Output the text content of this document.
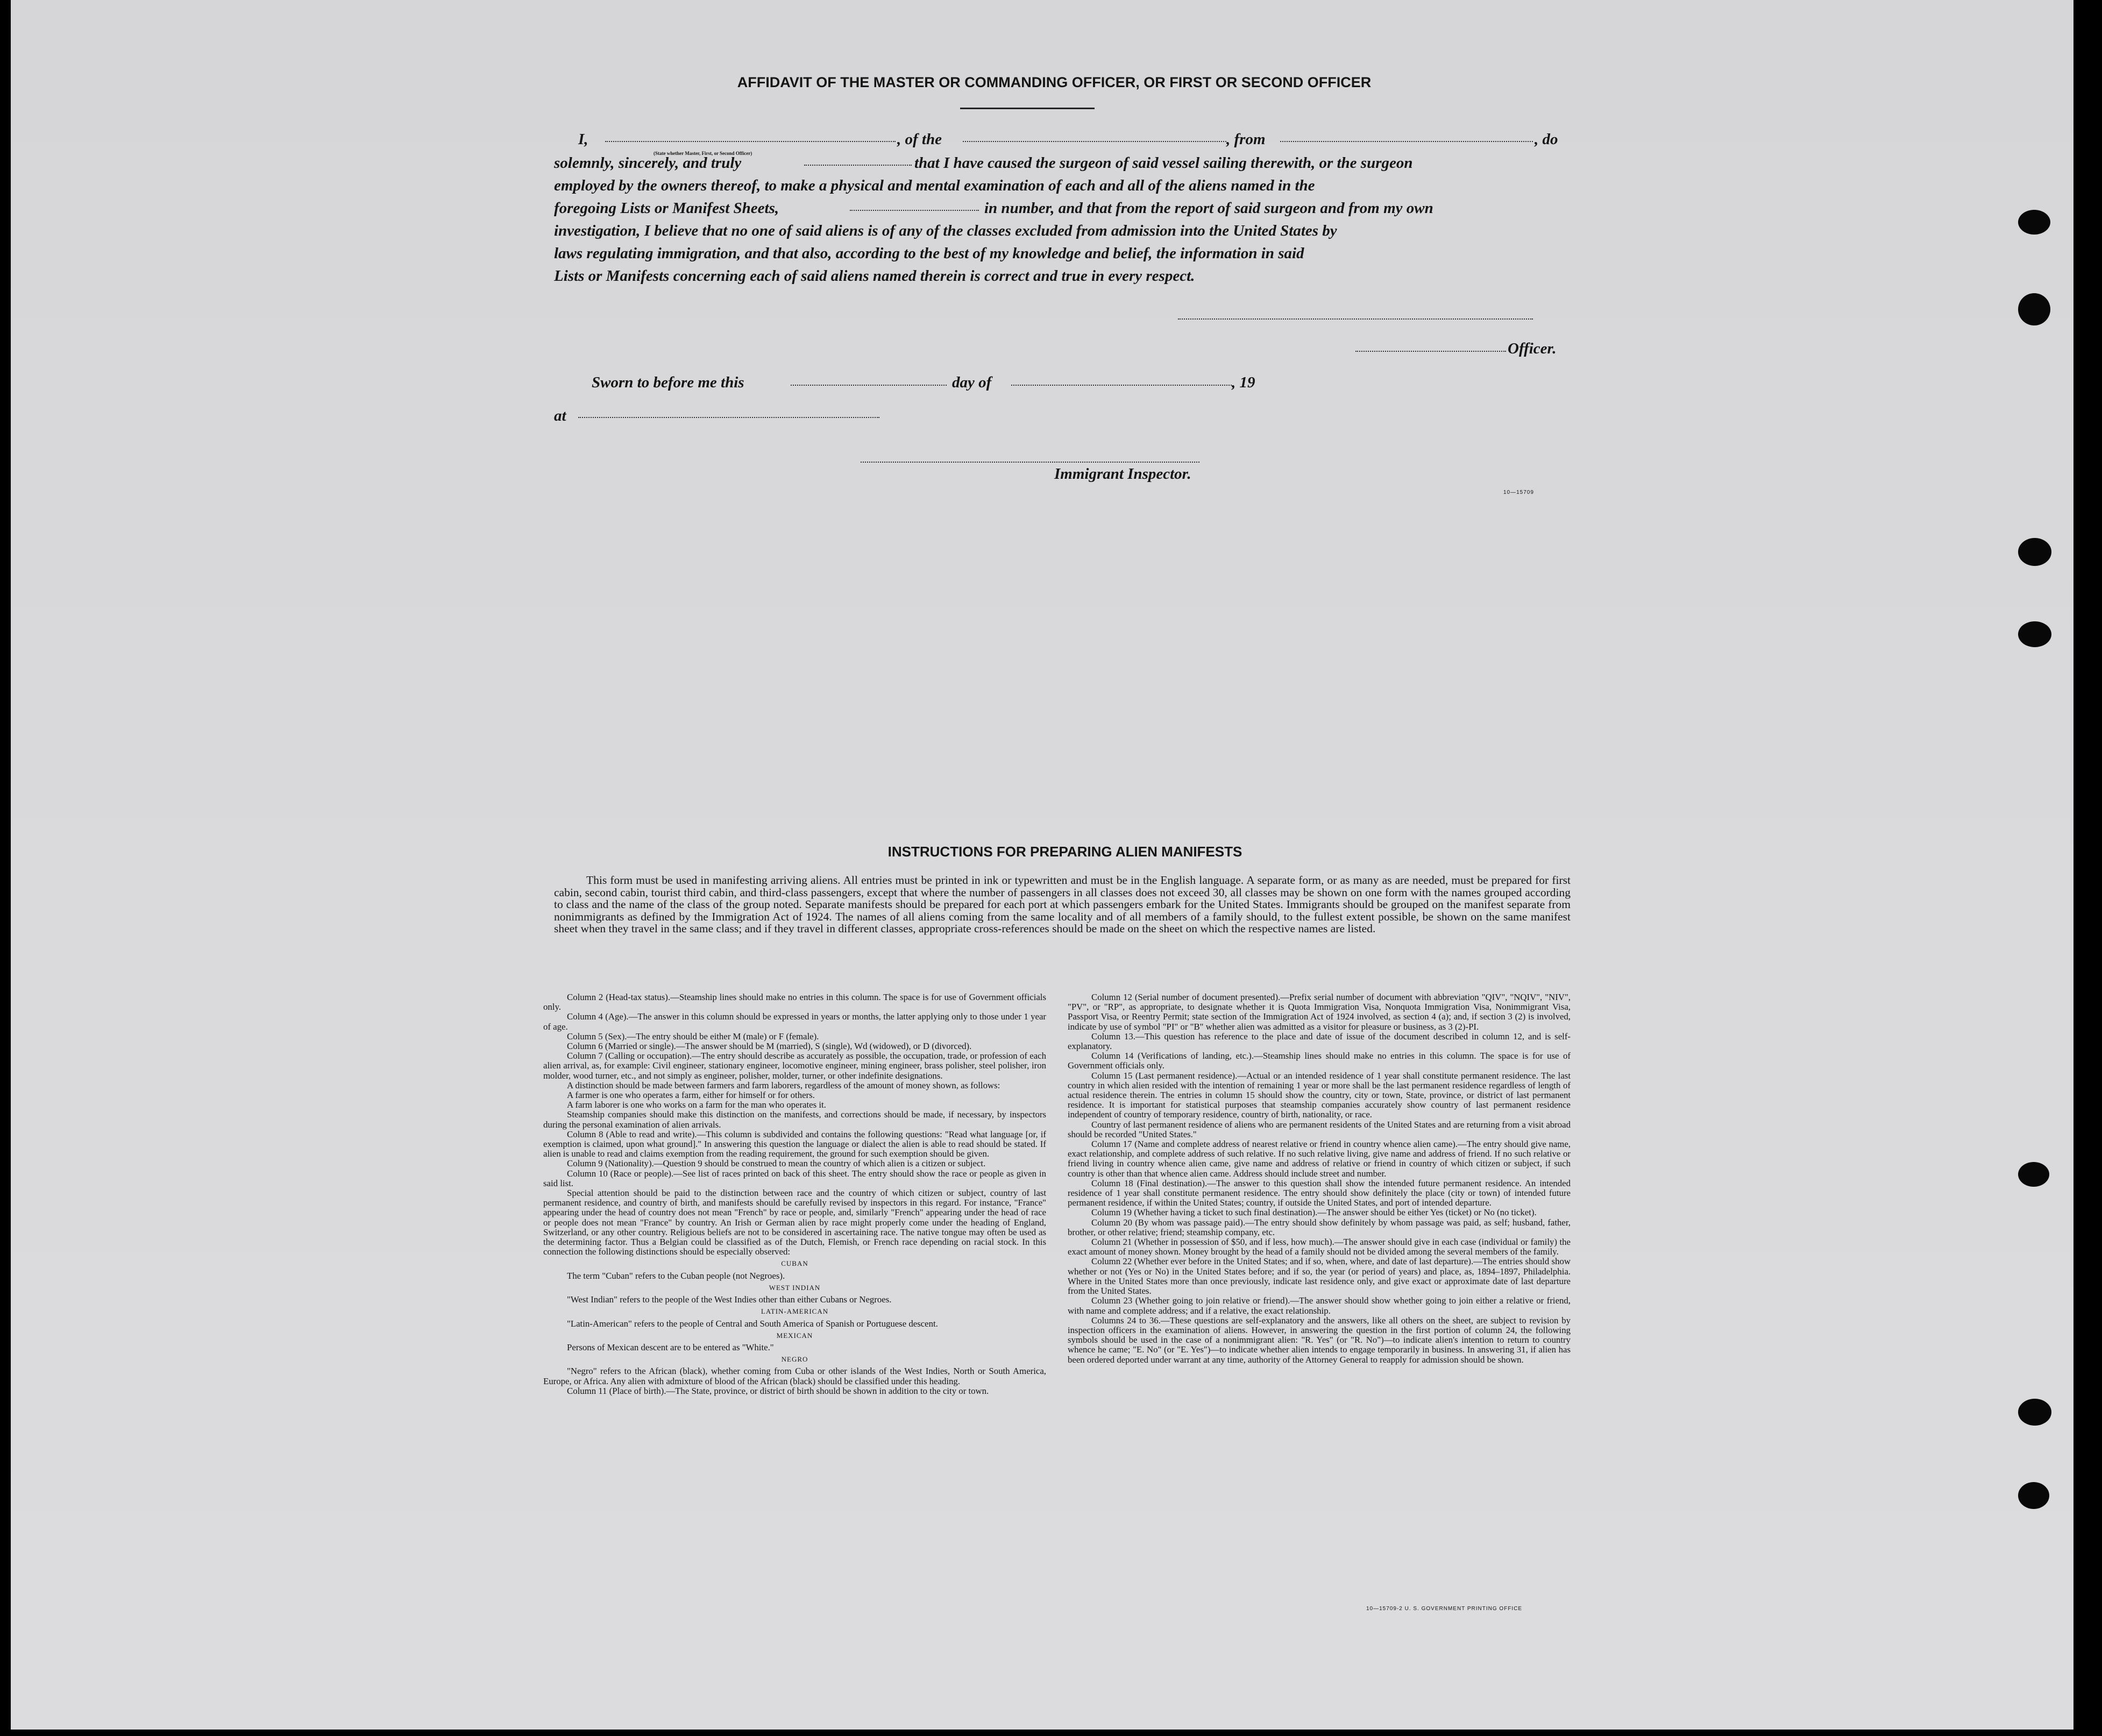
AFFIDAVIT OF THE MASTER OR COMMANDING OFFICER, OR FIRST OR SECOND OFFICER
I,	, of the	, from	, do
(State whether Master, First, or Second Officer)
solemnly, sincerely, and truly	that I have caused the surgeon of said vessel sailing therewith, or the surgeon
employed by the owners thereof, to make a physical and mental examination of each and all of the aliens named in the
foregoing Lists or Manifest Sheets,	in number, and that from the report of said surgeon and from my own
investigation, I believe that no one of said aliens is of any of the classes excluded from admission into the United States by
laws regulating immigration, and that also, according to the best of my knowledge and belief, the information in said
Lists or Manifests concerning each of said aliens named therein is correct and true in every respect.
Officer.
Sworn to before me this	day of	, 19
at
Immigrant Inspector.
10—15709
INSTRUCTIONS FOR PREPARING ALIEN MANIFESTS

This form must be used in manifesting arriving aliens. All entries must be printed in ink or typewritten and must be in the English language. A separate form, or as many as are needed, must be prepared for first cabin, second cabin, tourist third cabin, and third-class passengers, except that where the number of passengers in all classes does not exceed 30, all classes may be shown on one form with the names grouped according to class and the name of the class of the group noted. Separate manifests should be prepared for each port at which passengers embark for the United States. Immigrants should be grouped on the manifest separate from nonimmigrants as defined by the Immigration Act of 1924. The names of all aliens coming from the same locality and of all members of a family should, to the fullest extent possible, be shown on the same manifest sheet when they travel in the same class; and if they travel in different classes, appropriate cross-references should be made on the sheet on which the respective names are listed.

Column 2 (Head-tax status).—Steamship lines should make no entries in this column. The space is for use of Government officials only.

Column 4 (Age).—The answer in this column should be expressed in years or months, the latter applying only to those under 1 year of age.

Column 5 (Sex).—The entry should be either M (male) or F (female).

Column 6 (Married or single).—The answer should be M (married), S (single), Wd (widowed), or D (divorced).

Column 7 (Calling or occupation).—The entry should describe as accurately as possible, the occupation, trade, or profession of each alien arrival, as, for example: Civil engineer, stationary engineer, locomotive engineer, mining engineer, brass polisher, steel polisher, iron molder, wood turner, etc., and not simply as engineer, polisher, molder, turner, or other indefinite designations.

A distinction should be made between farmers and farm laborers, regardless of the amount of money shown, as follows:

A farmer is one who operates a farm, either for himself or for others.

A farm laborer is one who works on a farm for the man who operates it.

Steamship companies should make this distinction on the manifests, and corrections should be made, if necessary, by inspectors during the personal examination of alien arrivals.

Column 8 (Able to read and write).—This column is subdivided and contains the following questions: "Read what language [or, if exemption is claimed, upon what ground]." In answering this question the language or dialect the alien is able to read should be stated. If alien is unable to read and claims exemption from the reading requirement, the ground for such exemption should be given.

Column 9 (Nationality).—Question 9 should be construed to mean the country of which alien is a citizen or subject.

Column 10 (Race or people).—See list of races printed on back of this sheet. The entry should show the race or people as given in said list.

Special attention should be paid to the distinction between race and the country of which citizen or subject, country of last permanent residence, and country of birth, and manifests should be carefully revised by inspectors in this regard. For instance, "France" appearing under the head of country does not mean "French" by race or people, and, similarly "French" appearing under the head of race or people does not mean "France" by country. An Irish or German alien by race might properly come under the heading of England, Switzerland, or any other country. Religious beliefs are not to be considered in ascertaining race. The native tongue may often be used as the determining factor. Thus a Belgian could be classified as of the Dutch, Flemish, or French race depending on racial stock. In this connection the following distinctions should be especially observed:

CUBAN

The term "Cuban" refers to the Cuban people (not Negroes).

WEST INDIAN

"West Indian" refers to the people of the West Indies other than either Cubans or Negroes.

LATIN-AMERICAN

"Latin-American" refers to the people of Central and South America of Spanish or Portuguese descent.

MEXICAN

Persons of Mexican descent are to be entered as "White."

NEGRO

"Negro" refers to the African (black), whether coming from Cuba or other islands of the West Indies, North or South America, Europe, or Africa. Any alien with admixture of blood of the African (black) should be classified under this heading.

Column 11 (Place of birth).—The State, province, or district of birth should be shown in addition to the city or town.

Column 12 (Serial number of document presented).—Prefix serial number of document with abbreviation "QIV", "NQIV", "NIV", "PV", or "RP", as appropriate, to designate whether it is Quota Immigration Visa, Nonquota Immigration Visa, Nonimmigrant Visa, Passport Visa, or Reentry Permit; state section of the Immigration Act of 1924 involved, as section 4 (a); and, if section 3 (2) is involved, indicate by use of symbol "PI" or "B" whether alien was admitted as a visitor for pleasure or business, as 3 (2)-PI.

Column 13.—This question has reference to the place and date of issue of the document described in column 12, and is self-explanatory.

Column 14 (Verifications of landing, etc.).—Steamship lines should make no entries in this column. The space is for use of Government officials only.

Column 15 (Last permanent residence).—Actual or an intended residence of 1 year shall constitute permanent residence. The last country in which alien resided with the intention of remaining 1 year or more shall be the last permanent residence regardless of length of actual residence therein. The entries in column 15 should show the country, city or town, State, province, or district of last permanent residence. It is important for statistical purposes that steamship companies accurately show country of last permanent residence independent of country of temporary residence, country of birth, nationality, or race.

Country of last permanent residence of aliens who are permanent residents of the United States and are returning from a visit abroad should be recorded "United States."

Column 17 (Name and complete address of nearest relative or friend in country whence alien came).—The entry should give name, exact relationship, and complete address of such relative. If no such relative living, give name and address of friend. If no such relative or friend living in country whence alien came, give name and address of relative or friend in country of which citizen or subject, if such country is other than that whence alien came. Address should include street and number.

Column 18 (Final destination).—The answer to this question shall show the intended future permanent residence. An intended residence of 1 year shall constitute permanent residence. The entry should show definitely the place (city or town) of intended future permanent residence, if within the United States; country, if outside the United States, and port of intended departure.

Column 19 (Whether having a ticket to such final destination).—The answer should be either Yes (ticket) or No (no ticket).

Column 20 (By whom was passage paid).—The entry should show definitely by whom passage was paid, as self; husband, father, brother, or other relative; friend; steamship company, etc.

Column 21 (Whether in possession of $50, and if less, how much).—The answer should give in each case (individual or family) the exact amount of money shown. Money brought by the head of a family should not be divided among the several members of the family.

Column 22 (Whether ever before in the United States; and if so, when, where, and date of last departure).—The entries should show whether or not (Yes or No) in the United States before; and if so, the year (or period of years) and place, as, 1894–1897, Philadelphia. Where in the United States more than once previously, indicate last residence only, and give exact or approximate date of last departure from the United States.

Column 23 (Whether going to join relative or friend).—The answer should show whether going to join either a relative or friend, with name and complete address; and if a relative, the exact relationship.

Columns 24 to 36.—These questions are self-explanatory and the answers, like all others on the sheet, are subject to revision by inspection officers in the examination of aliens. However, in answering the question in the first portion of column 24, the following symbols should be used in the case of a nonimmigrant alien: "R. Yes" (or "R. No")—to indicate alien's intention to return to country whence he came; "E. No" (or "E. Yes")—to indicate whether alien intends to engage temporarily in business. In answering 31, if alien has been ordered deported under warrant at any time, authority of the Attorney General to reapply for admission should be shown.

10—15709-2 U. S. GOVERNMENT PRINTING OFFICE
